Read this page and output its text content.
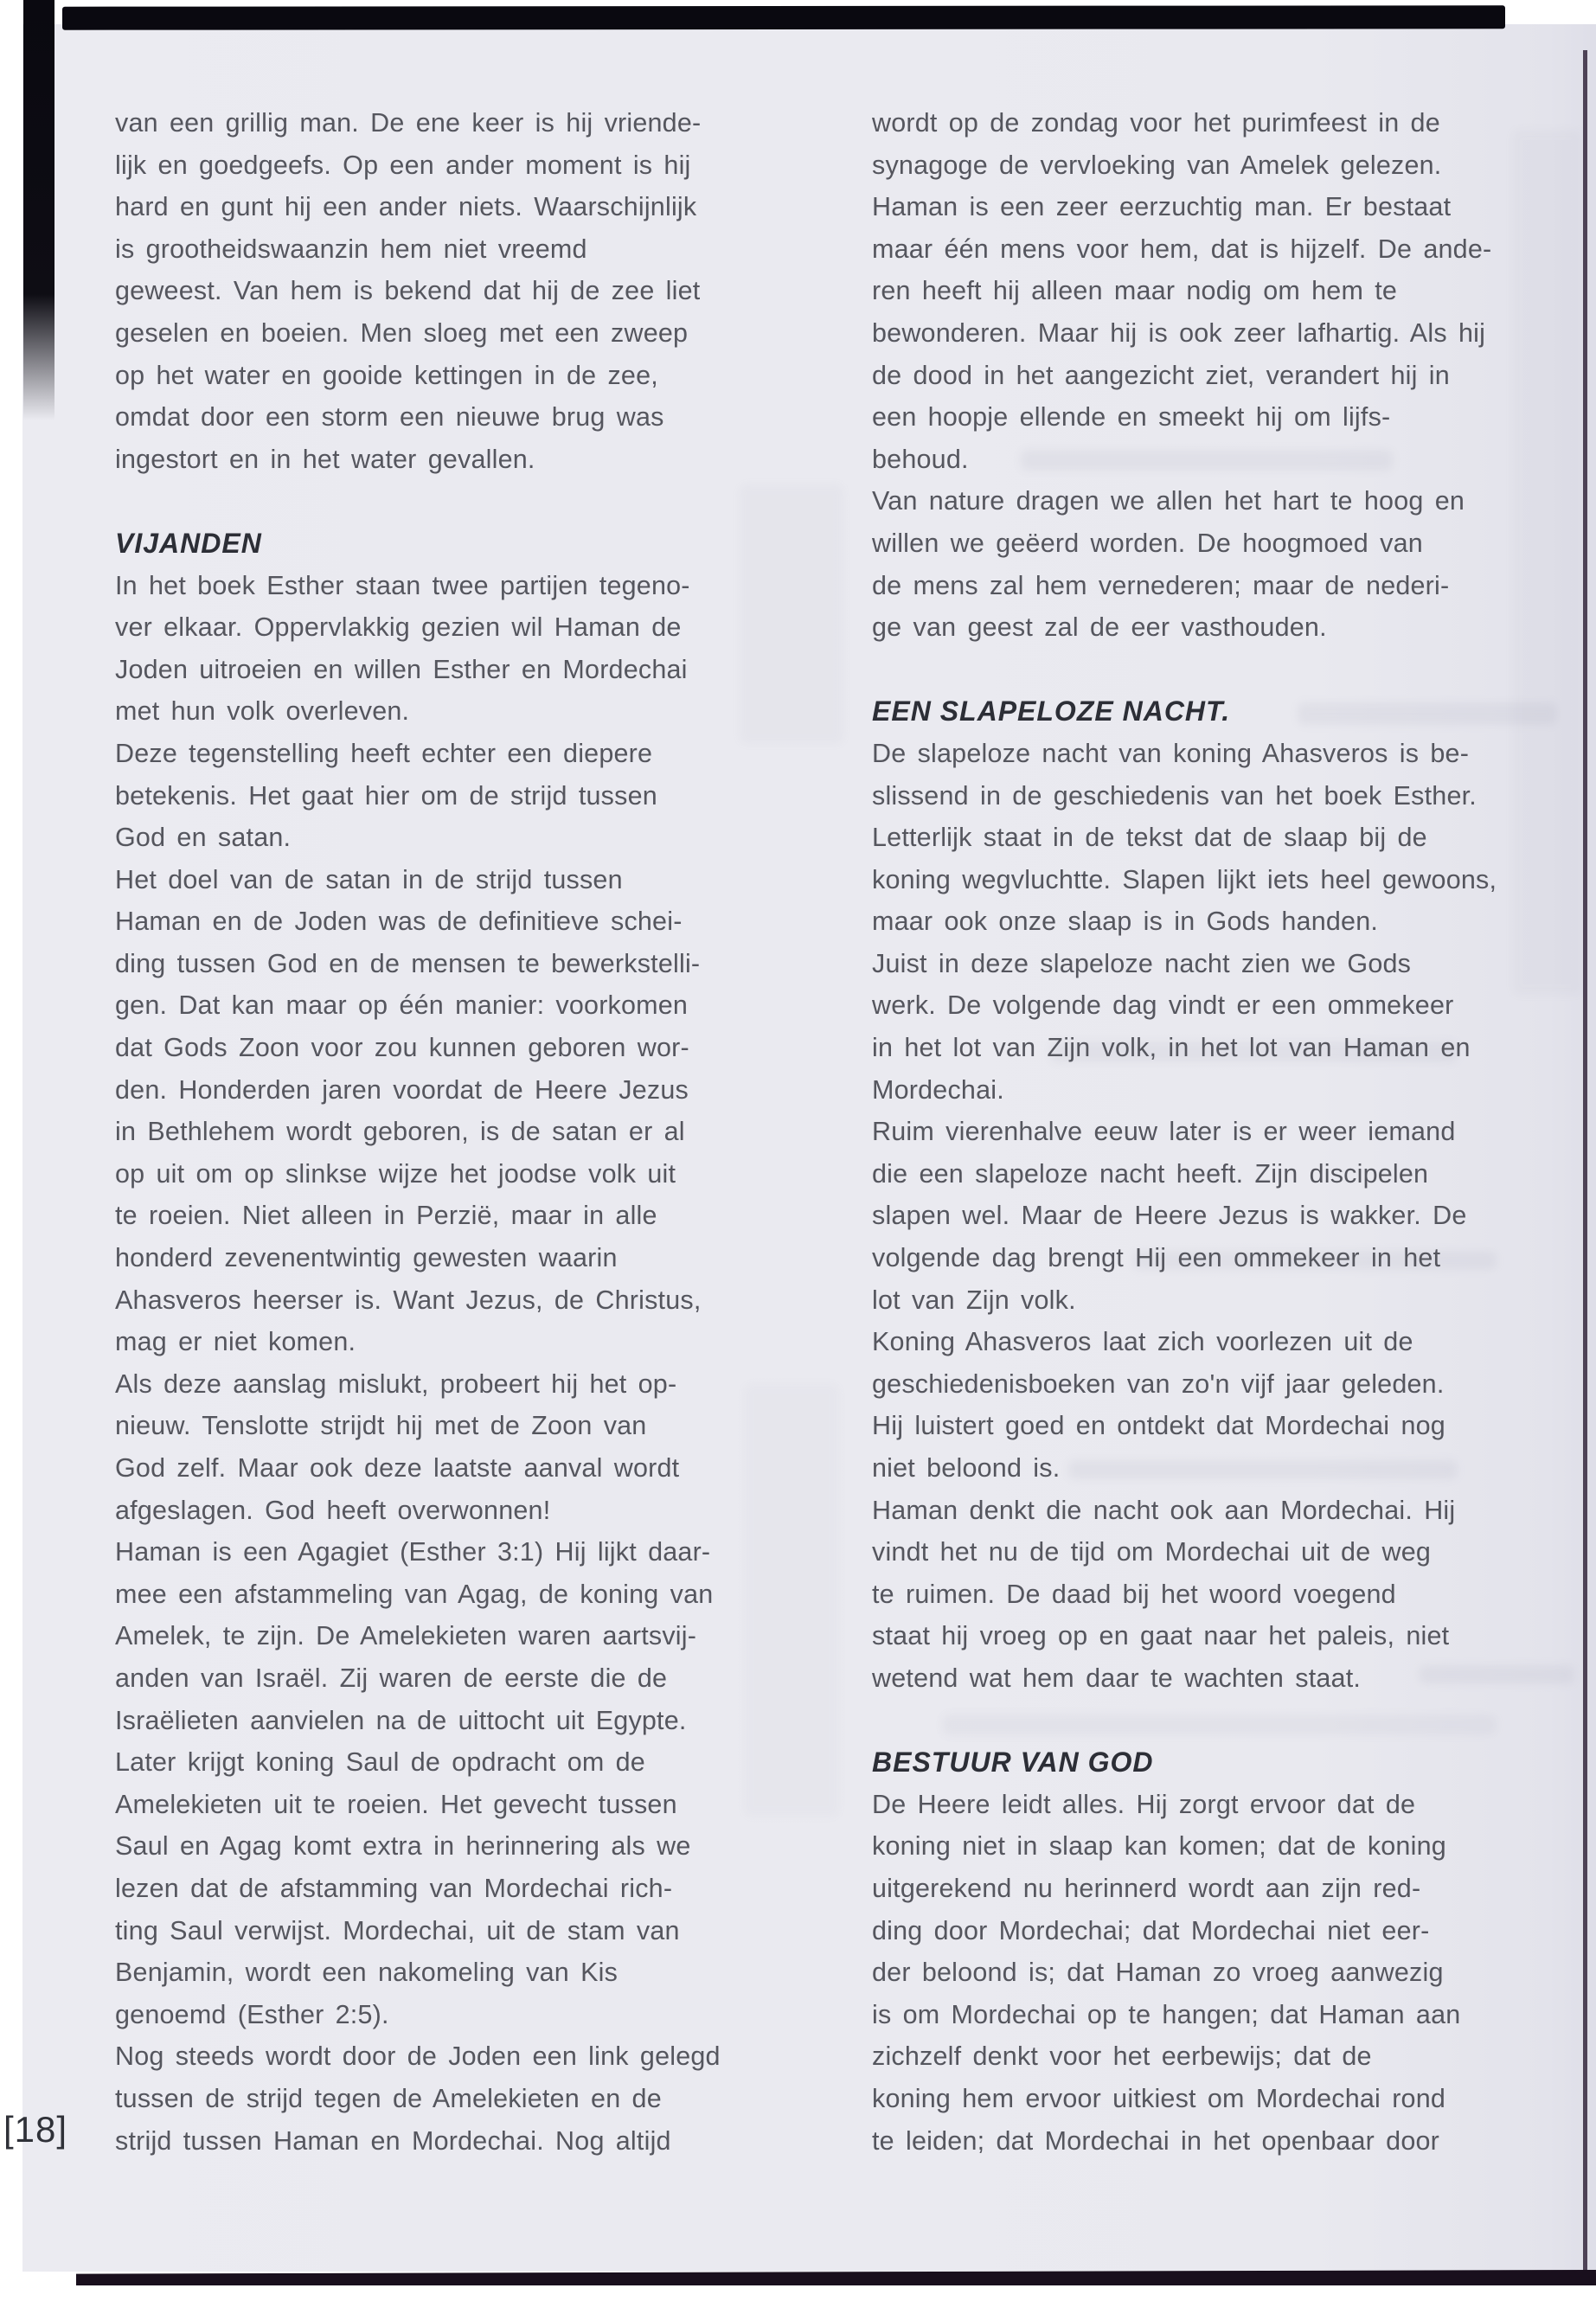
van een grillig man. De ene keer is hij vriende-
lijk en goedgeefs. Op een ander moment is hij
hard en gunt hij een ander niets. Waarschijnlijk
is grootheidswaanzin hem niet vreemd
geweest. Van hem is bekend dat hij de zee liet
geselen en boeien. Men sloeg met een zweep
op het water en gooide kettingen in de zee,
omdat door een storm een nieuwe brug was
ingestort en in het water gevallen.
VIJANDEN
In het boek Esther staan twee partijen tegeno-
ver elkaar. Oppervlakkig gezien wil Haman de
Joden uitroeien en willen Esther en Mordechai
met hun volk overleven.
Deze tegenstelling heeft echter een diepere
betekenis. Het gaat hier om de strijd tussen
God en satan.
Het doel van de satan in de strijd tussen
Haman en de Joden was de definitieve schei-
ding tussen God en de mensen te bewerkstelli-
gen. Dat kan maar op één manier: voorkomen
dat Gods Zoon voor zou kunnen geboren wor-
den. Honderden jaren voordat de Heere Jezus
in Bethlehem wordt geboren, is de satan er al
op uit om op slinkse wijze het joodse volk uit
te roeien. Niet alleen in Perzië, maar in alle
honderd zevenentwintig gewesten waarin
Ahasveros heerser is. Want Jezus, de Christus,
mag er niet komen.
Als deze aanslag mislukt, probeert hij het op-
nieuw. Tenslotte strijdt hij met de Zoon van
God zelf. Maar ook deze laatste aanval wordt
afgeslagen. God heeft overwonnen!
Haman is een Agagiet (Esther 3:1) Hij lijkt daar-
mee een afstammeling van Agag, de koning van
Amelek, te zijn. De Amelekieten waren aartsvij-
anden van Israël. Zij waren de eerste die de
Israëlieten aanvielen na de uittocht uit Egypte.
Later krijgt koning Saul de opdracht om de
Amelekieten uit te roeien. Het gevecht tussen
Saul en Agag komt extra in herinnering als we
lezen dat de afstamming van Mordechai rich-
ting Saul verwijst. Mordechai, uit de stam van
Benjamin, wordt een nakomeling van Kis
genoemd (Esther 2:5).
Nog steeds wordt door de Joden een link gelegd
tussen de strijd tegen de Amelekieten en de
strijd tussen Haman en Mordechai. Nog altijd
wordt op de zondag voor het purimfeest in de
synagoge de vervloeking van Amelek gelezen.
Haman is een zeer eerzuchtig man. Er bestaat
maar één mens voor hem, dat is hijzelf. De ande-
ren heeft hij alleen maar nodig om hem te
bewonderen. Maar hij is ook zeer lafhartig. Als hij
de dood in het aangezicht ziet, verandert hij in
een hoopje ellende en smeekt hij om lijfs-
behoud.
Van nature dragen we allen het hart te hoog en
willen we geëerd worden. De hoogmoed van
de mens zal hem vernederen; maar de nederi-
ge van geest zal de eer vasthouden.
EEN SLAPELOZE NACHT.
De slapeloze nacht van koning Ahasveros is be-
slissend in de geschiedenis van het boek Esther.
Letterlijk staat in de tekst dat de slaap bij de
koning wegvluchtte. Slapen lijkt iets heel gewoons,
maar ook onze slaap is in Gods handen.
Juist in deze slapeloze nacht zien we Gods
werk. De volgende dag vindt er een ommekeer
in het lot van Zijn volk, in het lot van Haman en
Mordechai.
Ruim vierenhalve eeuw later is er weer iemand
die een slapeloze nacht heeft. Zijn discipelen
slapen wel. Maar de Heere Jezus is wakker. De
volgende dag brengt Hij een ommekeer in het
lot van Zijn volk.
Koning Ahasveros laat zich voorlezen uit de
geschiedenisboeken van zo'n vijf jaar geleden.
Hij luistert goed en ontdekt dat Mordechai nog
niet beloond is.
Haman denkt die nacht ook aan Mordechai. Hij
vindt het nu de tijd om Mordechai uit de weg
te ruimen. De daad bij het woord voegend
staat hij vroeg op en gaat naar het paleis, niet
wetend wat hem daar te wachten staat.
BESTUUR VAN GOD
De Heere leidt alles. Hij zorgt ervoor dat de
koning niet in slaap kan komen; dat de koning
uitgerekend nu herinnerd wordt aan zijn red-
ding door Mordechai; dat Mordechai niet eer-
der beloond is; dat Haman zo vroeg aanwezig
is om Mordechai op te hangen; dat Haman aan
zichzelf denkt voor het eerbewijs; dat de
koning hem ervoor uitkiest om Mordechai rond
te leiden; dat Mordechai in het openbaar door
[18]
